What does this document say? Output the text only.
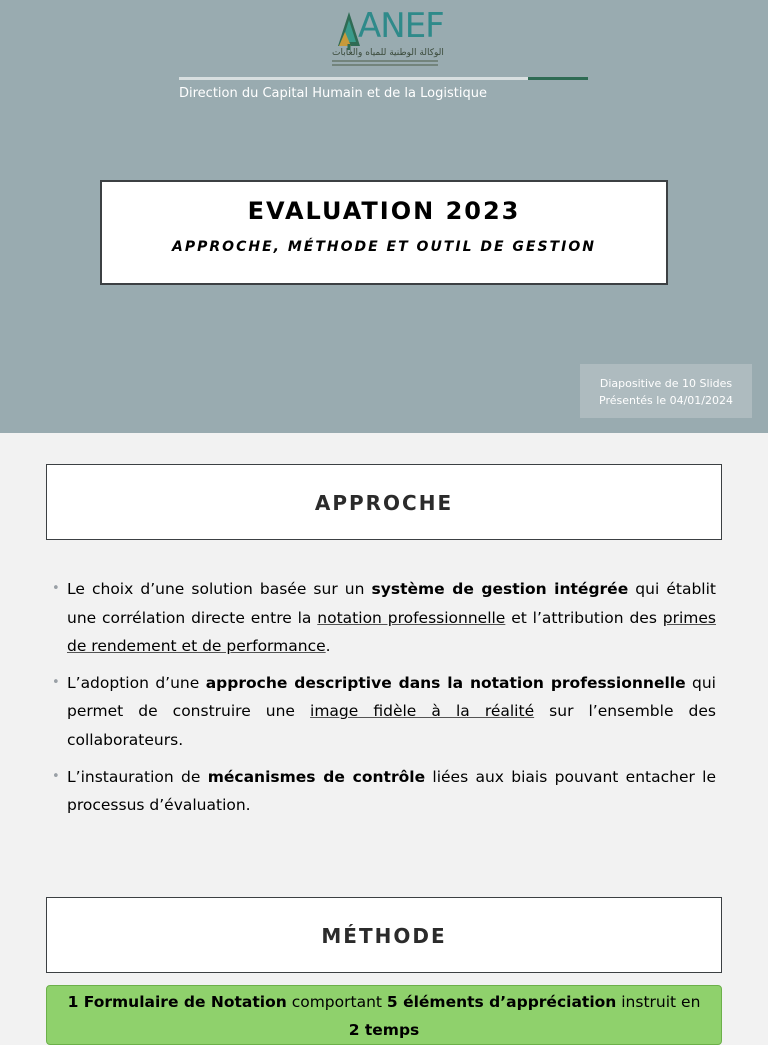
ANEF
الوكالة الوطنية للمياه والغابات
Direction du Capital Humain et de la Logistique
EVALUATION 2023
APPROCHE, MÉTHODE ET OUTIL DE GESTION
Diapositive de 10 Slides
Présentés le 04/01/2024
APPROCHE
• Le choix d’une solution basée sur un système de gestion intégrée qui établit une corrélation directe entre la notation professionnelle et l’attribution des primes de rendement et de performance.
• L’adoption d’une approche descriptive dans la notation professionnelle qui permet de construire une image fidèle à la réalité sur l’ensemble des collaborateurs.
• L’instauration de mécanismes de contrôle liées aux biais pouvant entacher le processus d’évaluation.
MÉTHODE
1 Formulaire de Notation comportant 5 éléments d’appréciation instruit en
2 temps
